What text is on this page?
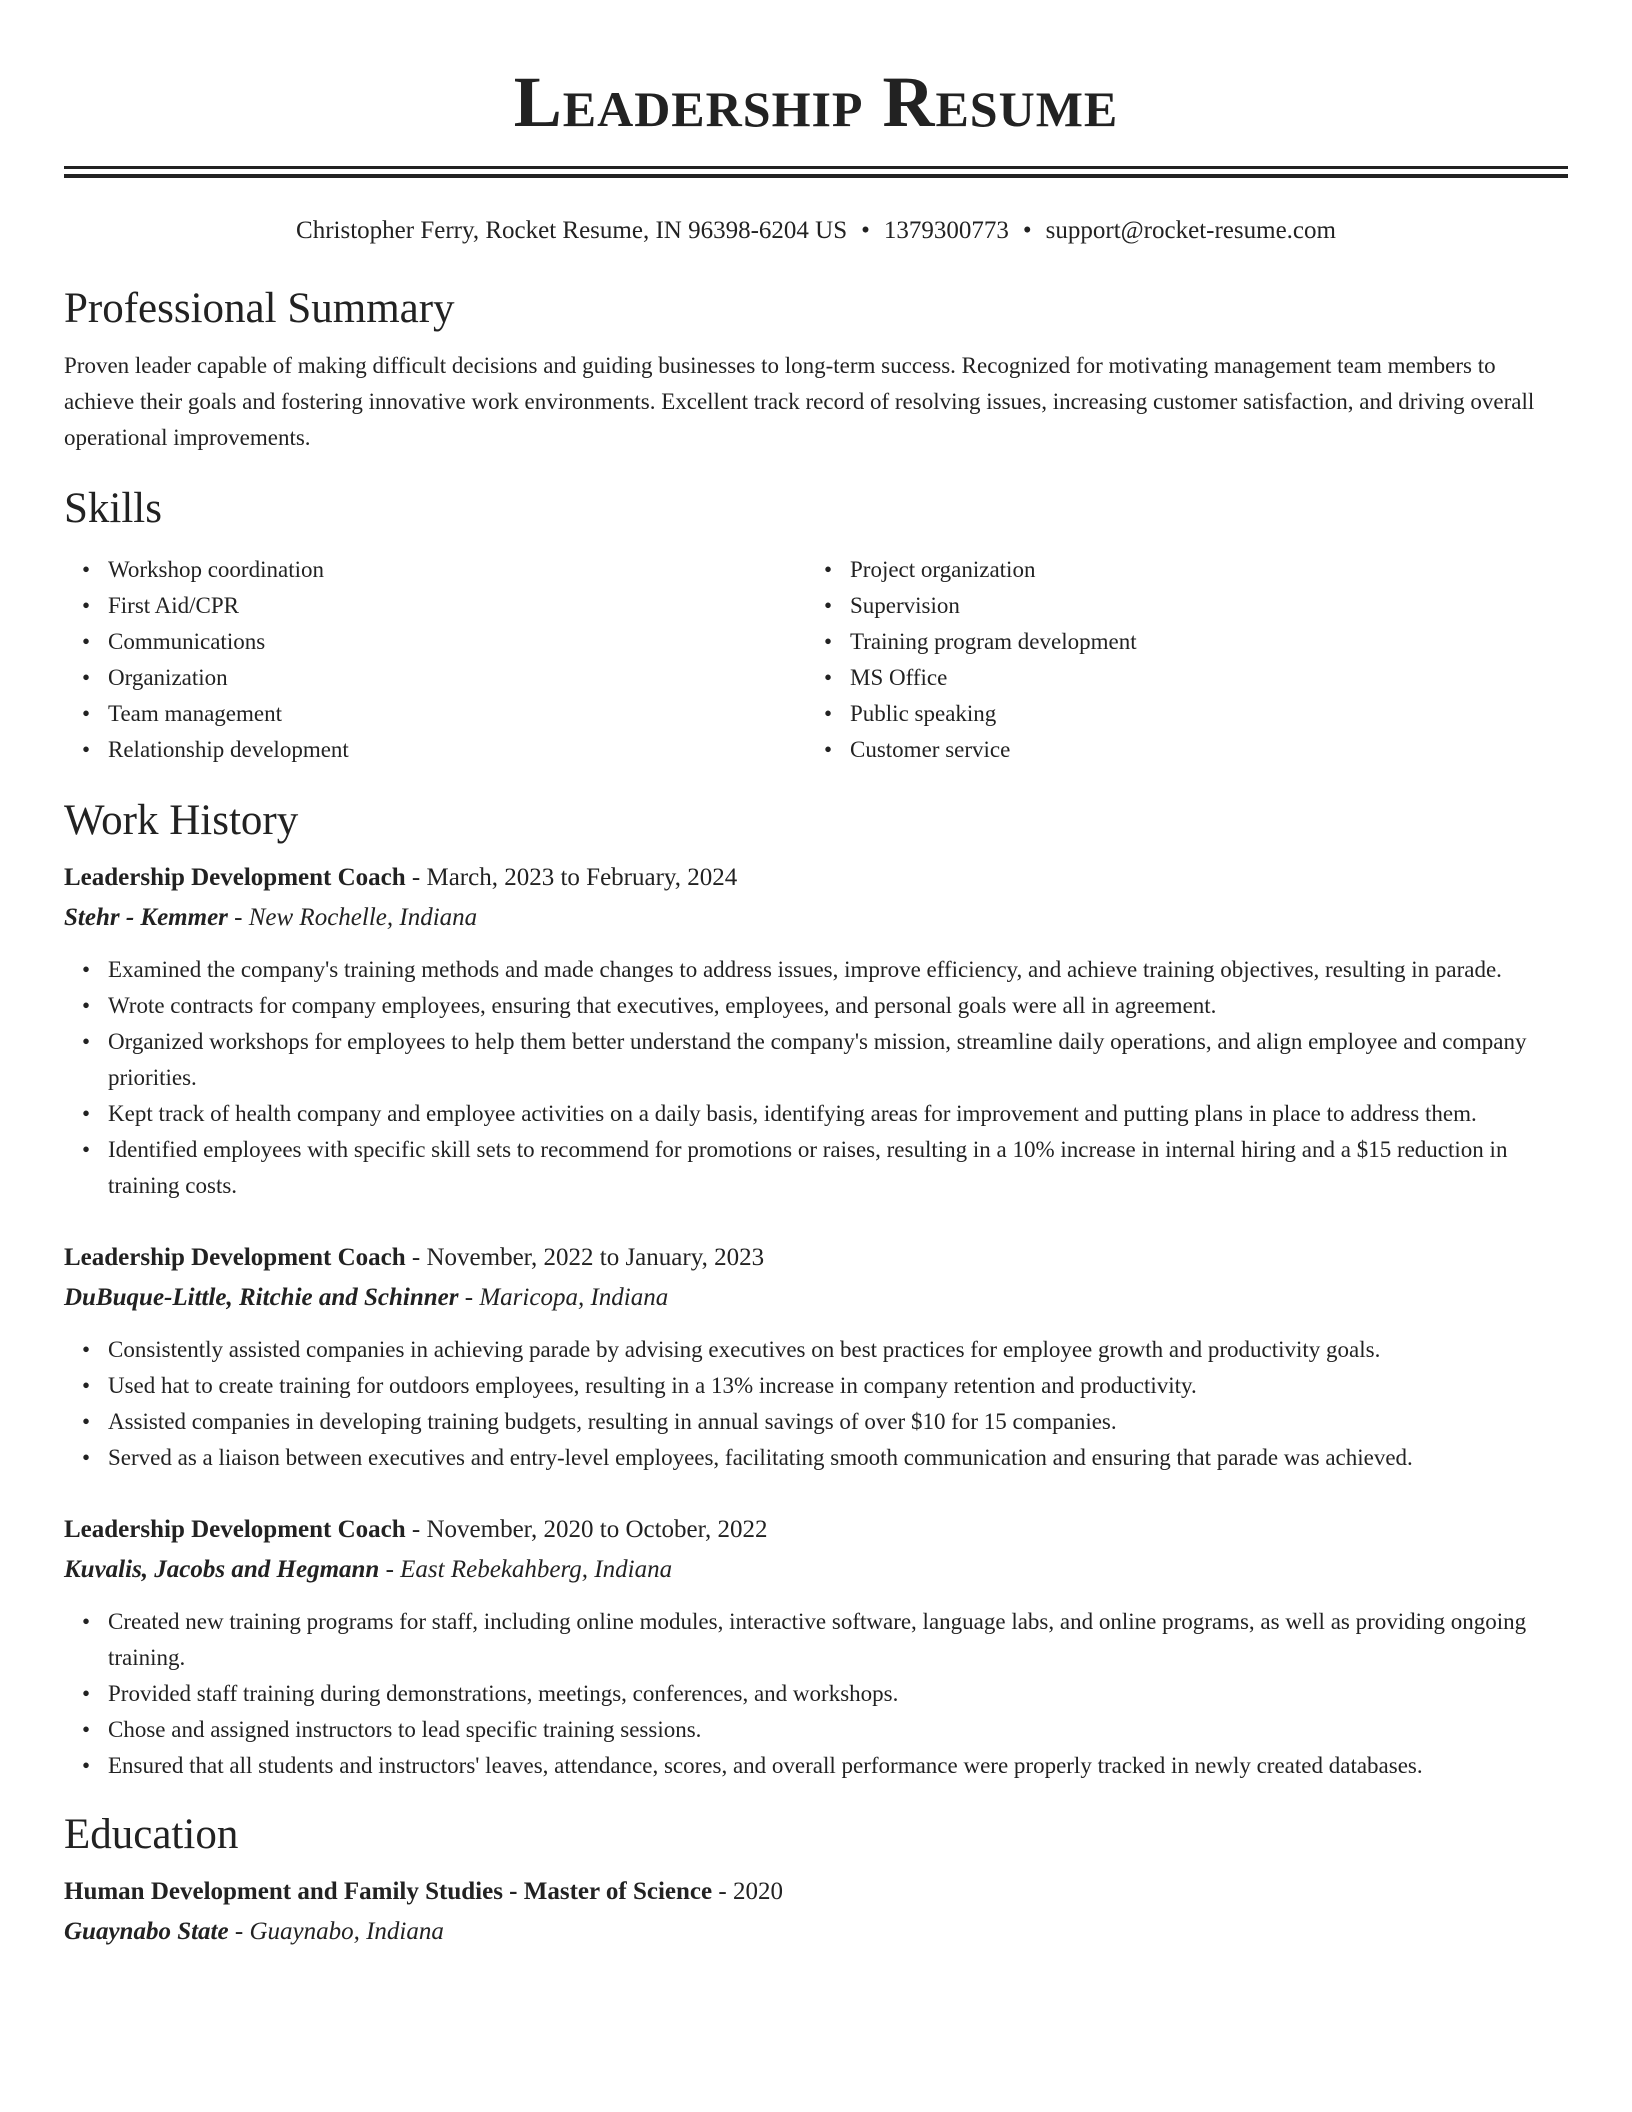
Leadership Resume
Christopher Ferry, Rocket Resume, IN 96398-6204 US • 1379300773 • support@rocket-resume.com
Professional Summary

Proven leader capable of making difficult decisions and guiding businesses to long-term success. Recognized for motivating management team members to achieve their goals and fostering innovative work environments. Excellent track record of resolving issues, increasing customer satisfaction, and driving overall operational improvements.

Skills
• Workshop coordination
• First Aid/CPR
• Communications
• Organization
• Team management
• Relationship development
• Project organization
• Supervision
• Training program development
• MS Office
• Public speaking
• Customer service
Work History
Leadership Development Coach - March, 2023 to February, 2024
Stehr - Kemmer - New Rochelle, Indiana
• Examined the company's training methods and made changes to address issues, improve efficiency, and achieve training objectives, resulting in parade.
• Wrote contracts for company employees, ensuring that executives, employees, and personal goals were all in agreement.
• Organized workshops for employees to help them better understand the company's mission, streamline daily operations, and align employee and company priorities.
• Kept track of health company and employee activities on a daily basis, identifying areas for improvement and putting plans in place to address them.
• Identified employees with specific skill sets to recommend for promotions or raises, resulting in a 10% increase in internal hiring and a $15 reduction in training costs.
Leadership Development Coach - November, 2022 to January, 2023
DuBuque-Little, Ritchie and Schinner - Maricopa, Indiana
• Consistently assisted companies in achieving parade by advising executives on best practices for employee growth and productivity goals.
• Used hat to create training for outdoors employees, resulting in a 13% increase in company retention and productivity.
• Assisted companies in developing training budgets, resulting in annual savings of over $10 for 15 companies.
• Served as a liaison between executives and entry-level employees, facilitating smooth communication and ensuring that parade was achieved.
Leadership Development Coach - November, 2020 to October, 2022
Kuvalis, Jacobs and Hegmann - East Rebekahberg, Indiana
• Created new training programs for staff, including online modules, interactive software, language labs, and online programs, as well as providing ongoing training.
• Provided staff training during demonstrations, meetings, conferences, and workshops.
• Chose and assigned instructors to lead specific training sessions.
• Ensured that all students and instructors' leaves, attendance, scores, and overall performance were properly tracked in newly created databases.
Education
Human Development and Family Studies - Master of Science - 2020
Guaynabo State - Guaynabo, Indiana
